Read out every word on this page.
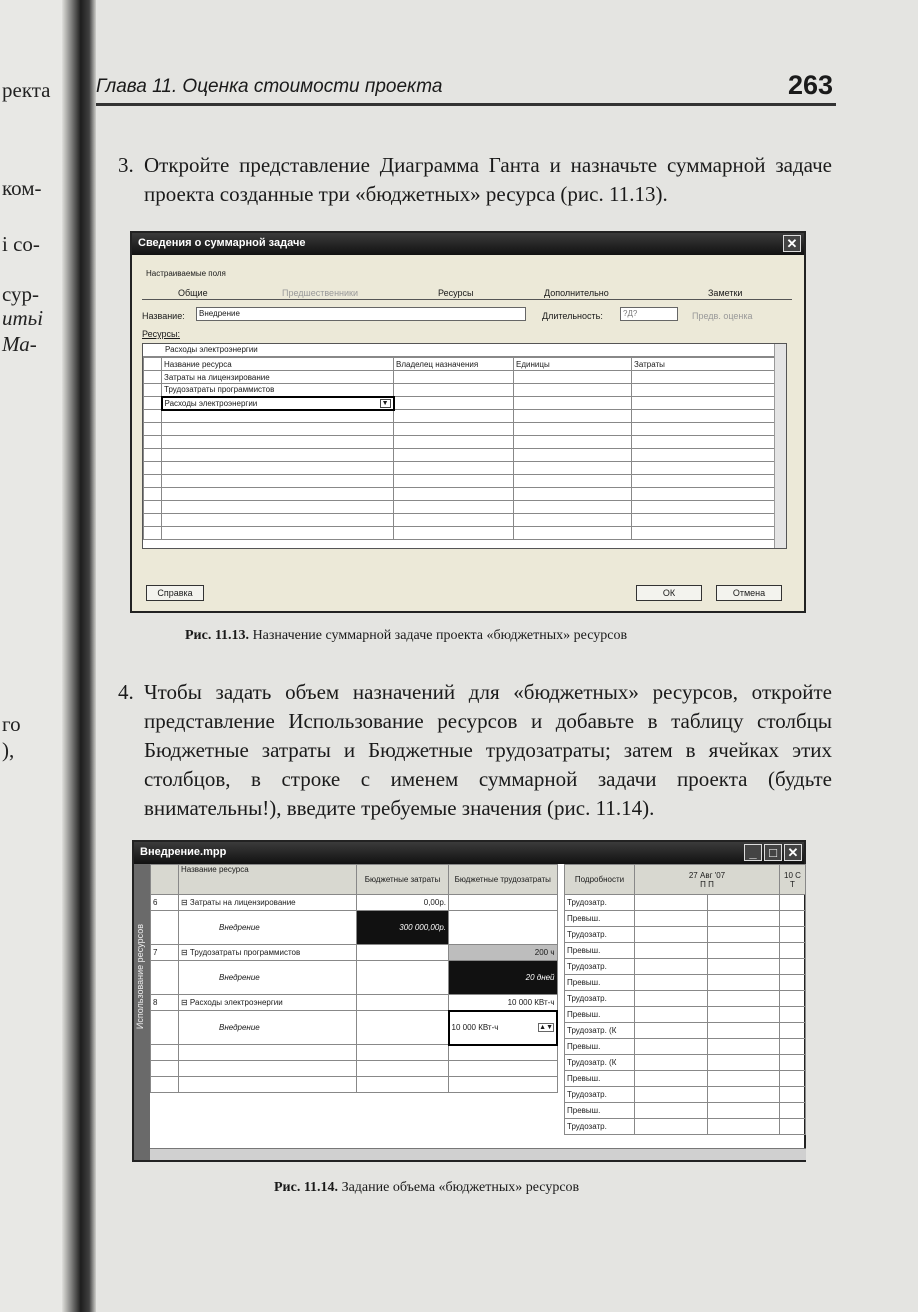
ректа
ком-
і со-
сур-
итьі
Ма-
го
),
Глава 11. Оценка стоимости проекта	263
3. Откройте представление Диаграмма Ганта и назначьте суммарной задаче проекта созданные три «бюджетных» ресурса (рис. 11.13).
Сведения о суммарной задаче	✕
Настраиваемые поля
Общие	Предшественники	Ресурсы	Дополнительно	Заметки
Название:	Внедрение	Длительность:	?Д?	Предв. оценка
Ресурсы:
Расходы электроэнергии
	Название ресурса	Владелец назначения	Единицы	Затраты
	Затраты на лицензирование			
	Трудозатраты программистов			
	Расходы электроэнергии ▼			

Справка	ОК	Отмена
Рис. 11.13. Назначение суммарной задаче проекта «бюджетных» ресурсов
4. Чтобы задать объем назначений для «бюджетных» ресурсов, откройте представление Использование ресурсов и добавьте в таблицу столбцы Бюджетные затраты и Бюджетные трудозатраты; затем в ячейках этих столбцов, в строке с именем суммарной задачи проекта (будьте внимательны!), введите требуемые значения (рис. 11.14).
Внедрение.mpp	_ □ ✕
Использование ресурсов
	Название ресурса	Бюджетные затраты	Бюджетные трудозатраты
6	⊟ Затраты на лицензирование	0,00р.	
	Внедрение	300 000,00р.	
7	⊟ Трудозатраты программистов		200 ч
	Внедрение		20 дней
8	⊟ Расходы электроэнергии		10 000 КВт-ч
	Внедрение		10 000 КВт-ч ▲▼

Подробности	27 Авг '07
П П		10 С
Т
Трудозатр.			
Превыш.			
Трудозатр.			
Превыш.			
Трудозатр.			
Превыш.			
Трудозатр.			
Превыш.			
Трудозатр. (К			
Превыш.			
Трудозатр. (К			
Превыш.			
Трудозатр.			
Превыш.			
Трудозатр.			
Рис. 11.14. Задание объема «бюджетных» ресурсов
